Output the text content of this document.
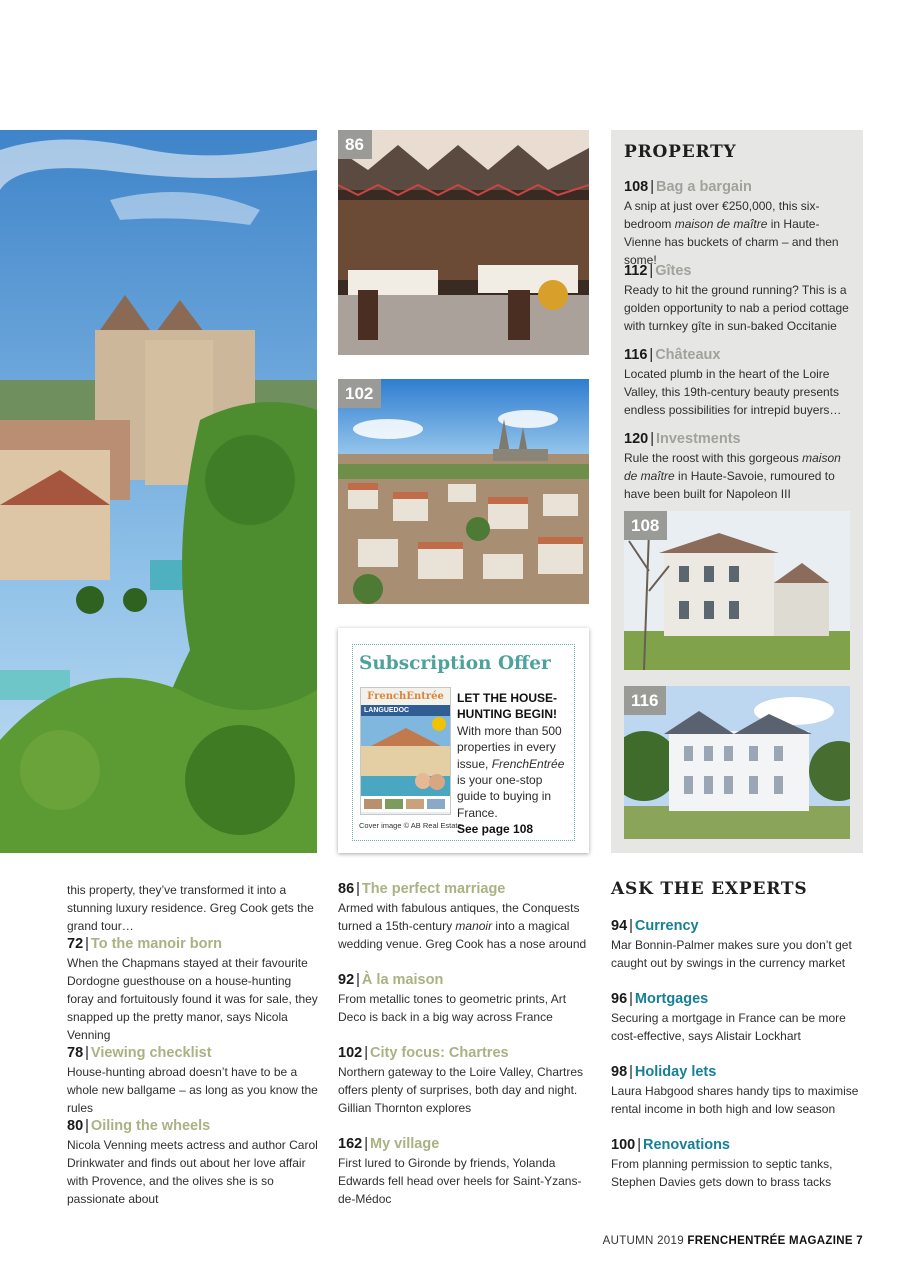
86
102
Subscription Offer
FrenchEntrée
LANGUEDOC
LET THE HOUSE-HUNTING BEGIN!
With more than 500 properties in every issue, FrenchEntrée is your one-stop guide to buying in France.
See page 108
Cover image © AB Real Estate
PROPERTY
108 | Bag a bargain
A snip at just over €250,000, this six-bedroom maison de maître in Haute-Vienne has buckets of charm – and then some!
112 | Gîtes
Ready to hit the ground running? This is a golden opportunity to nab a period cottage with turnkey gîte in sun-baked Occitanie
116 | Châteaux
Located plumb in the heart of the Loire Valley, this 19th-century beauty presents endless possibilities for intrepid buyers…
120 | Investments
Rule the roost with this gorgeous maison de maître in Haute-Savoie, rumoured to have been built for Napoleon III
108
116
this property, they’ve transformed it into a stunning luxury residence. Greg Cook gets the grand tour…
72 | To the manoir born
When the Chapmans stayed at their favourite Dordogne guesthouse on a house-hunting foray and fortuitously found it was for sale, they snapped up the pretty manor, says Nicola Venning
78 | Viewing checklist
House-hunting abroad doesn’t have to be a whole new ballgame – as long as you know the rules
80 | Oiling the wheels
Nicola Venning meets actress and author Carol Drinkwater and finds out about her love affair with Provence, and the olives she is so passionate about
86 | The perfect marriage
Armed with fabulous antiques, the Conquests turned a 15th-century manoir into a magical wedding venue. Greg Cook has a nose around
92 | À la maison
From metallic tones to geometric prints, Art Deco is back in a big way across France
102 | City focus: Chartres
Northern gateway to the Loire Valley, Chartres offers plenty of surprises, both day and night. Gillian Thornton explores
162 | My village
First lured to Gironde by friends, Yolanda Edwards fell head over heels for Saint-Yzans-de-Médoc
ASK THE EXPERTS
94 | Currency
Mar Bonnin-Palmer makes sure you don’t get caught out by swings in the currency market
96 | Mortgages
Securing a mortgage in France can be more cost-effective, says Alistair Lockhart
98 | Holiday lets
Laura Habgood shares handy tips to maximise rental income in both high and low season
100 | Renovations
From planning permission to septic tanks, Stephen Davies gets down to brass tacks
AUTUMN 2019 FRENCHENTRÉE MAGAZINE 7
